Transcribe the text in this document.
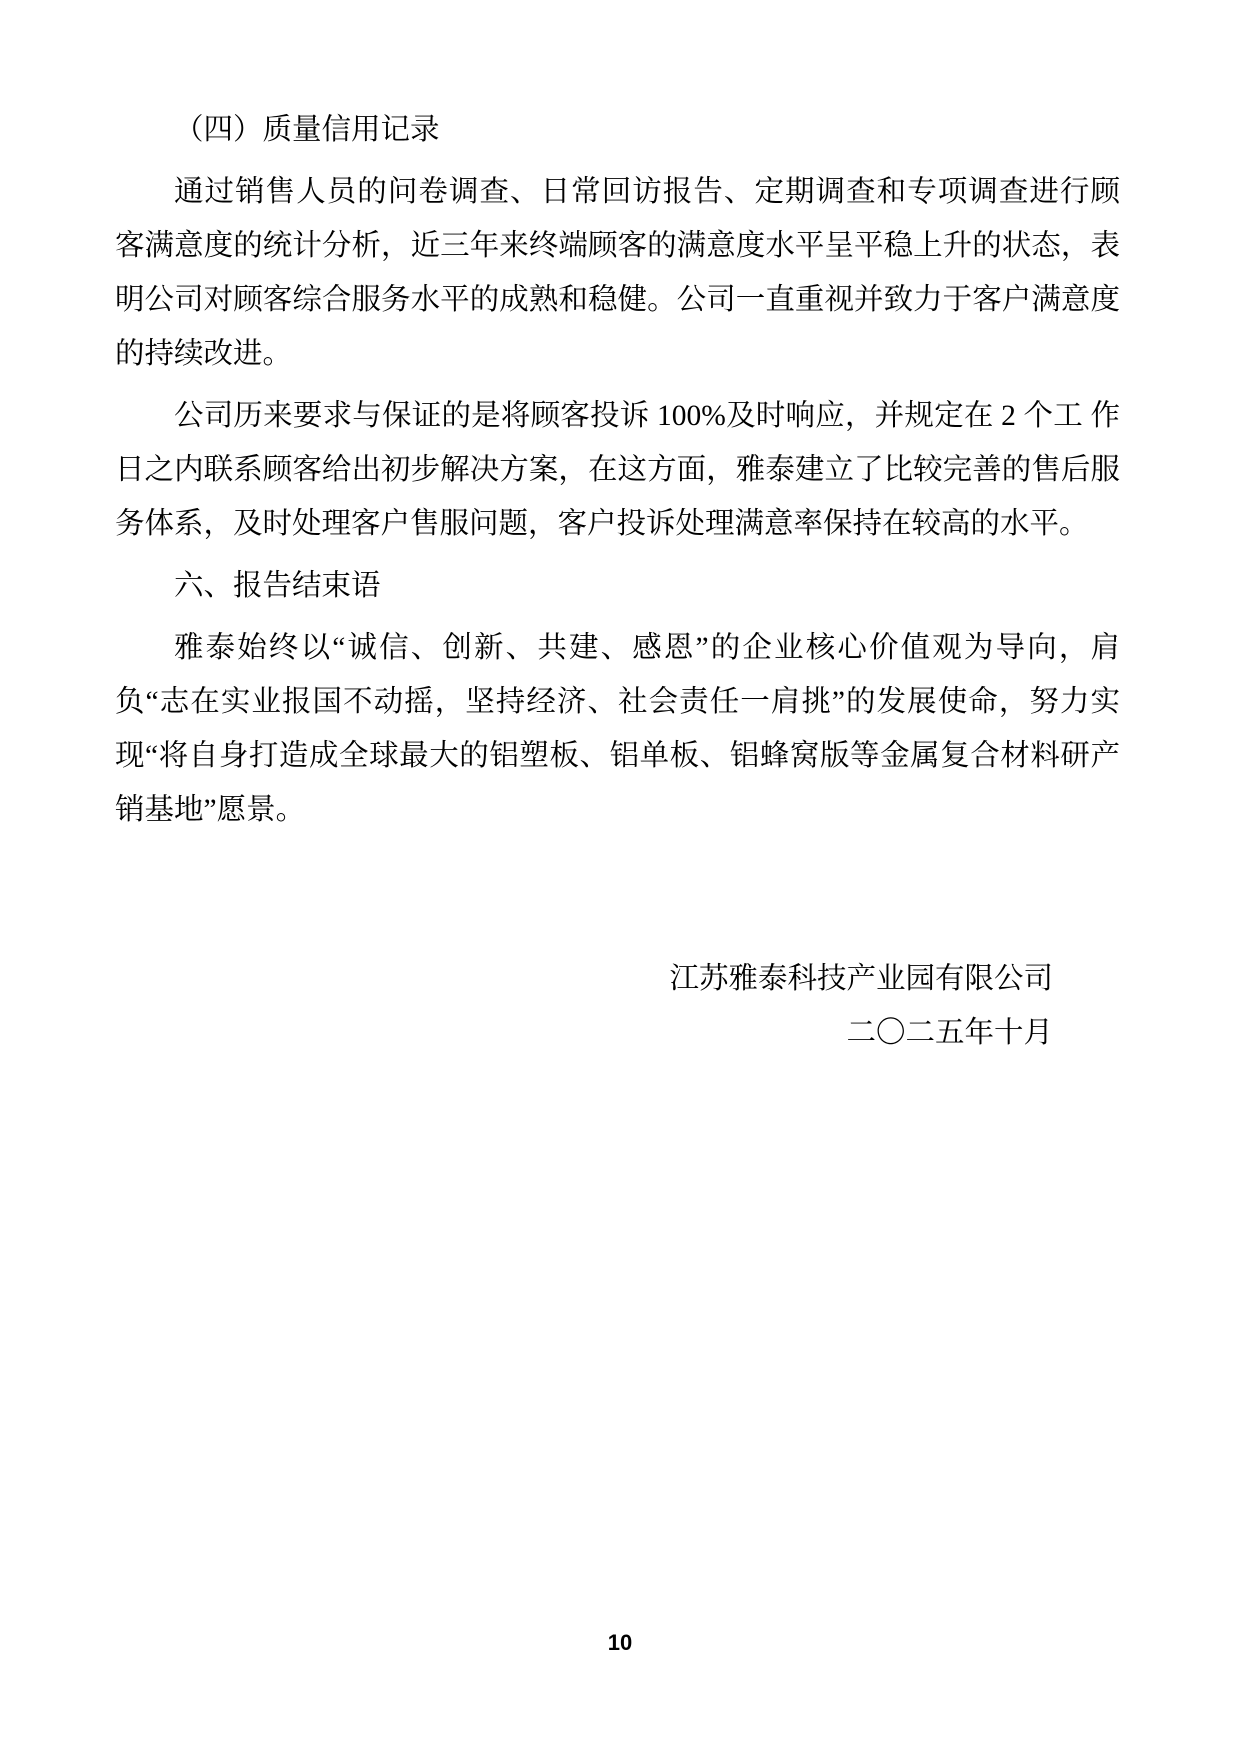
（四）质量信用记录

通过销售人员的问卷调查、日常回访报告、定期调查和专项调查进行顾 客满意度的统计分析，近三年来终端顾客的满意度水平呈平稳上升的状态，表明公司对顾客综合服务水平的成熟和稳健。公司一直重视并致力于客户满意度的持续改进。

公司历来要求与保证的是将顾客投诉 100%及时响应，并规定在 2 个工 作日之内联系顾客给出初步解决方案，在这方面，雅泰建立了比较完善的售后服务体系，及时处理客户售服问题，客户投诉处理满意率保持在较高的水平。

六、报告结束语

雅泰始终以“诚信、创新、共建、感恩”的企业核心价值观为导向，肩负“志在实业报国不动摇，坚持经济、社会责任一肩挑”的发展使命，努力实现“将自身打造成全球最大的铝塑板、铝单板、铝蜂窝版等金属复合材料研产销基地”愿景。

江苏雅泰科技产业园有限公司
二〇二五年十月
10
